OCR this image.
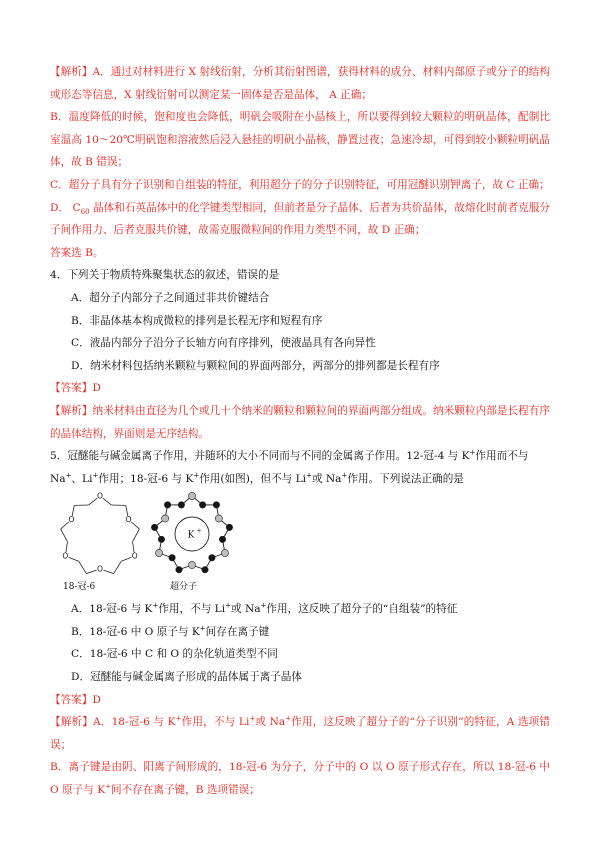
【解析】A．通过对材料进行 X 射线衍射，分析其衍射图谱，获得材料的成分、材料内部原子或分子的结构或形态等信息，X 射线衍射可以测定某一固体是否是晶体， A 正确；

B．温度降低的时候，饱和度也会降低，明矾会吸附在小晶核上，所以要得到较大颗粒的明矾晶体，配制比室温高 10～20℃明矾饱和溶液然后浸入悬挂的明矾小晶核，静置过夜；急速冷却，可得到较小颗粒明矾晶体，故 B 错误；

C．超分子具有分子识别和自组装的特征，利用超分子的分子识别特征，可用冠醚识别钾离子，故 C 正确；

D． $C_{60}$ 晶体和石英晶体中的化学键类型相同，但前者是分子晶体、后者为共价晶体，故熔化时前者克服分子间作用力、后者克服共价键，故需克服微粒间的作用力类型不同，故 D 正确；

答案选 B。

4．下列关于物质特殊聚集状态的叙述，错误的是

A．超分子内部分子之间通过非共价键结合

B．非晶体基本构成微粒的排列是长程无序和短程有序

C．液晶内部分子沿分子长轴方向有序排列，使液晶具有各向异性

D．纳米材料包括纳米颗粒与颗粒间的界面两部分，两部分的排列都是长程有序

【答案】D

【解析】纳米材料由直径为几个或几十个纳米的颗粒和颗粒间的界面两部分组成。纳米颗粒内部是长程有序的晶体结构，界面则是无序结构。

5．冠醚能与碱金属离子作用，并随环的大小不同而与不同的金属离子作用。12-冠-4 与 K+作用而不与
Na+、Li+作用；18-冠-6 与 K+作用(如图)，但不与 Li+或 Na+作用。下列说法正确的是

O
O
O
O
O
O
18-冠-6
K +
超分子

A．18-冠-6 与 K+作用，不与 Li+或 Na+作用，这反映了超分子的“自组装”的特征

B．18-冠-6 中 O 原子与 K+间存在离子键

C．18-冠-6 中 C 和 O 的杂化轨道类型不同

D．冠醚能与碱金属离子形成的晶体属于离子晶体

【答案】D

【解析】A．18-冠-6 与 K+作用，不与 Li+或 Na+作用，这反映了超分子的“分子识别”的特征，A 选项错误；

B．离子键是由阴、阳离子间形成的，18-冠-6 为分子，分子中的 O 以 O 原子形式存在，所以 18-冠-6 中 O 原子与 K+间不存在离子键，B 选项错误；
